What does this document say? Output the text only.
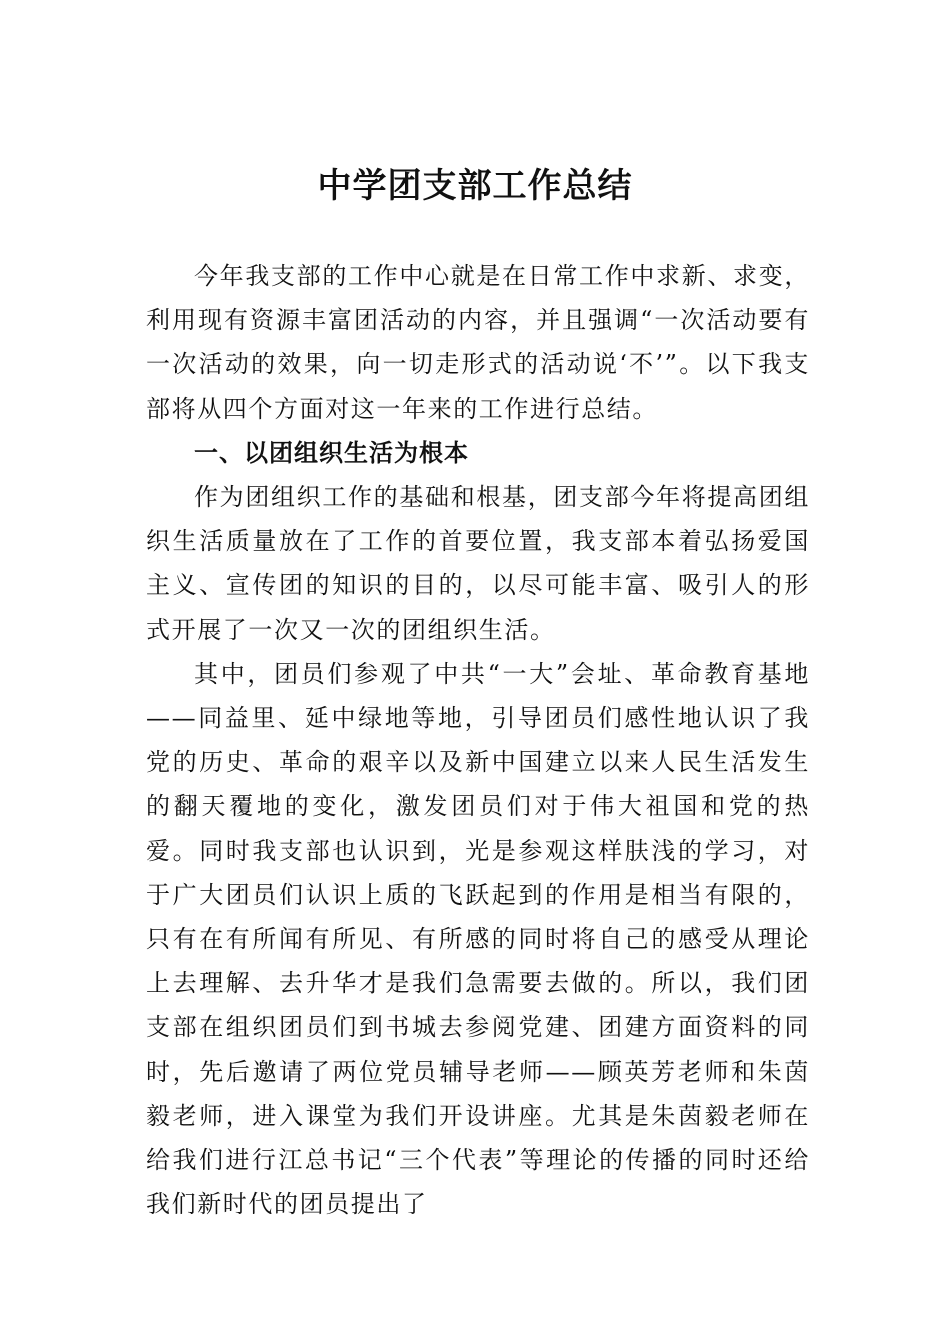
中学团支部工作总结

今年我支部的工作中心就是在日常工作中求新、求变，利用现有资源丰富团活动的内容，并且强调“一次活动要有一次活动的效果，向一切走形式的活动说‘不’”。以下我支部将从四个方面对这一年来的工作进行总结。

一、以团组织生活为根本

作为团组织工作的基础和根基，团支部今年将提高团组织生活质量放在了工作的首要位置，我支部本着弘扬爱国主义、宣传团的知识的目的，以尽可能丰富、吸引人的形式开展了一次又一次的团组织生活。

其中，团员们参观了中共“一大”会址、革命教育基地——同益里、延中绿地等地，引导团员们感性地认识了我党的历史、革命的艰辛以及新中国建立以来人民生活发生的翻天覆地的变化，激发团员们对于伟大祖国和党的热爱。同时我支部也认识到，光是参观这样肤浅的学习，对于广大团员们认识上质的飞跃起到的作用是相当有限的，只有在有所闻有所见、有所感的同时将自己的感受从理论上去理解、去升华才是我们急需要去做的。所以，我们团支部在组织团员们到书城去参阅党建、团建方面资料的同时，先后邀请了两位党员辅导老师——顾英芳老师和朱茵毅老师，进入课堂为我们开设讲座。尤其是朱茵毅老师在给我们进行江总书记“三个代表”等理论的传播的同时还给我们新时代的团员提出了
